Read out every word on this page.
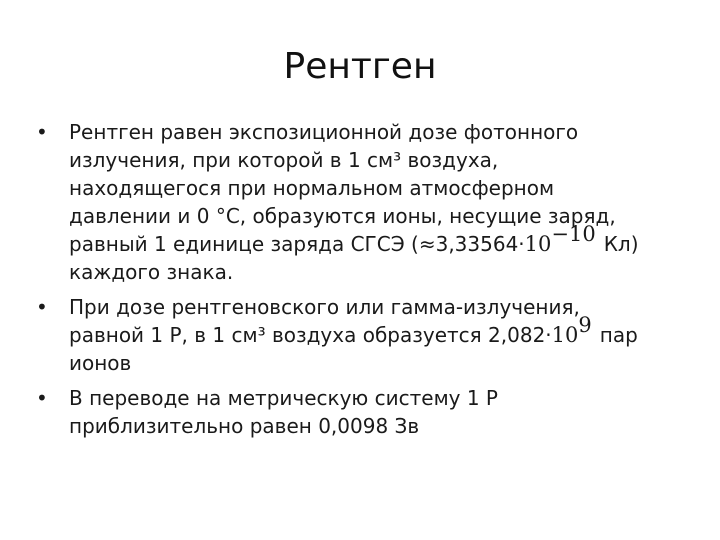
Рентген
• Рентген равен экспозиционной дозе фотонного
излучения, при которой в 1 см³ воздуха,
находящегося при нормальном атмосферном
давлении и 0 °С, образуются ионы, несущие заряд,
равный 1 единице заряда СГСЭ ($\approx 3,33564\cdot 10^{-10}$ Кл)
каждого знака.
• При дозе рентгеновского или гамма-излучения,
равной 1 Р, в 1 см³ воздуха образуется $2,082\cdot 10^9$ пар
ионов
• В переводе на метрическую систему 1 Р
приблизительно равен 0,0098 Зв
